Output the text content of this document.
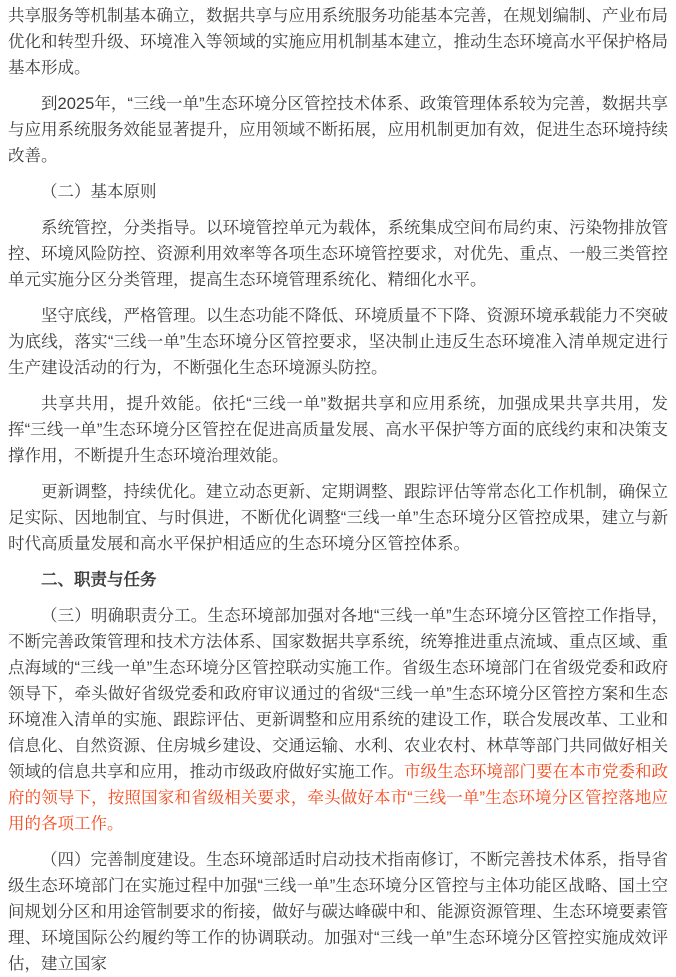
共享服务等机制基本确立，数据共享与应用系统服务功能基本完善，在规划编制、产业布局优化和转型升级、环境准入等领域的实施应用机制基本建立，推动生态环境高水平保护格局基本形成。

到2025年，“三线一单”生态环境分区管控技术体系、政策管理体系较为完善，数据共享与应用系统服务效能显著提升，应用领域不断拓展，应用机制更加有效，促进生态环境持续改善。

（二）基本原则

系统管控，分类指导。以环境管控单元为载体，系统集成空间布局约束、污染物排放管控、环境风险防控、资源利用效率等各项生态环境管控要求，对优先、重点、一般三类管控单元实施分区分类管理，提高生态环境管理系统化、精细化水平。

坚守底线，严格管理。以生态功能不降低、环境质量不下降、资源环境承载能力不突破为底线，落实“三线一单”生态环境分区管控要求，坚决制止违反生态环境准入清单规定进行生产建设活动的行为，不断强化生态环境源头防控。

共享共用，提升效能。依托“三线一单”数据共享和应用系统，加强成果共享共用，发挥“三线一单”生态环境分区管控在促进高质量发展、高水平保护等方面的底线约束和决策支撑作用，不断提升生态环境治理效能。

更新调整，持续优化。建立动态更新、定期调整、跟踪评估等常态化工作机制，确保立足实际、因地制宜、与时俱进，不断优化调整“三线一单”生态环境分区管控成果，建立与新时代高质量发展和高水平保护相适应的生态环境分区管控体系。

二、职责与任务

（三）明确职责分工。生态环境部加强对各地“三线一单”生态环境分区管控工作指导，不断完善政策管理和技术方法体系、国家数据共享系统，统筹推进重点流域、重点区域、重点海域的“三线一单”生态环境分区管控联动实施工作。省级生态环境部门在省级党委和政府领导下，牵头做好省级党委和政府审议通过的省级“三线一单”生态环境分区管控方案和生态环境准入清单的实施、跟踪评估、更新调整和应用系统的建设工作，联合发展改革、工业和信息化、自然资源、住房城乡建设、交通运输、水利、农业农村、林草等部门共同做好相关领域的信息共享和应用，推动市级政府做好实施工作。市级生态环境部门要在本市党委和政府的领导下，按照国家和省级相关要求，牵头做好本市“三线一单”生态环境分区管控落地应用的各项工作。

（四）完善制度建设。生态环境部适时启动技术指南修订，不断完善技术体系，指导省级生态环境部门在实施过程中加强“三线一单”生态环境分区管控与主体功能区战略、国土空间规划分区和用途管制要求的衔接，做好与碳达峰碳中和、能源资源管理、生态环境要素管理、环境国际公约履约等工作的协调联动。加强对“三线一单”生态环境分区管控实施成效评估，建立国家
